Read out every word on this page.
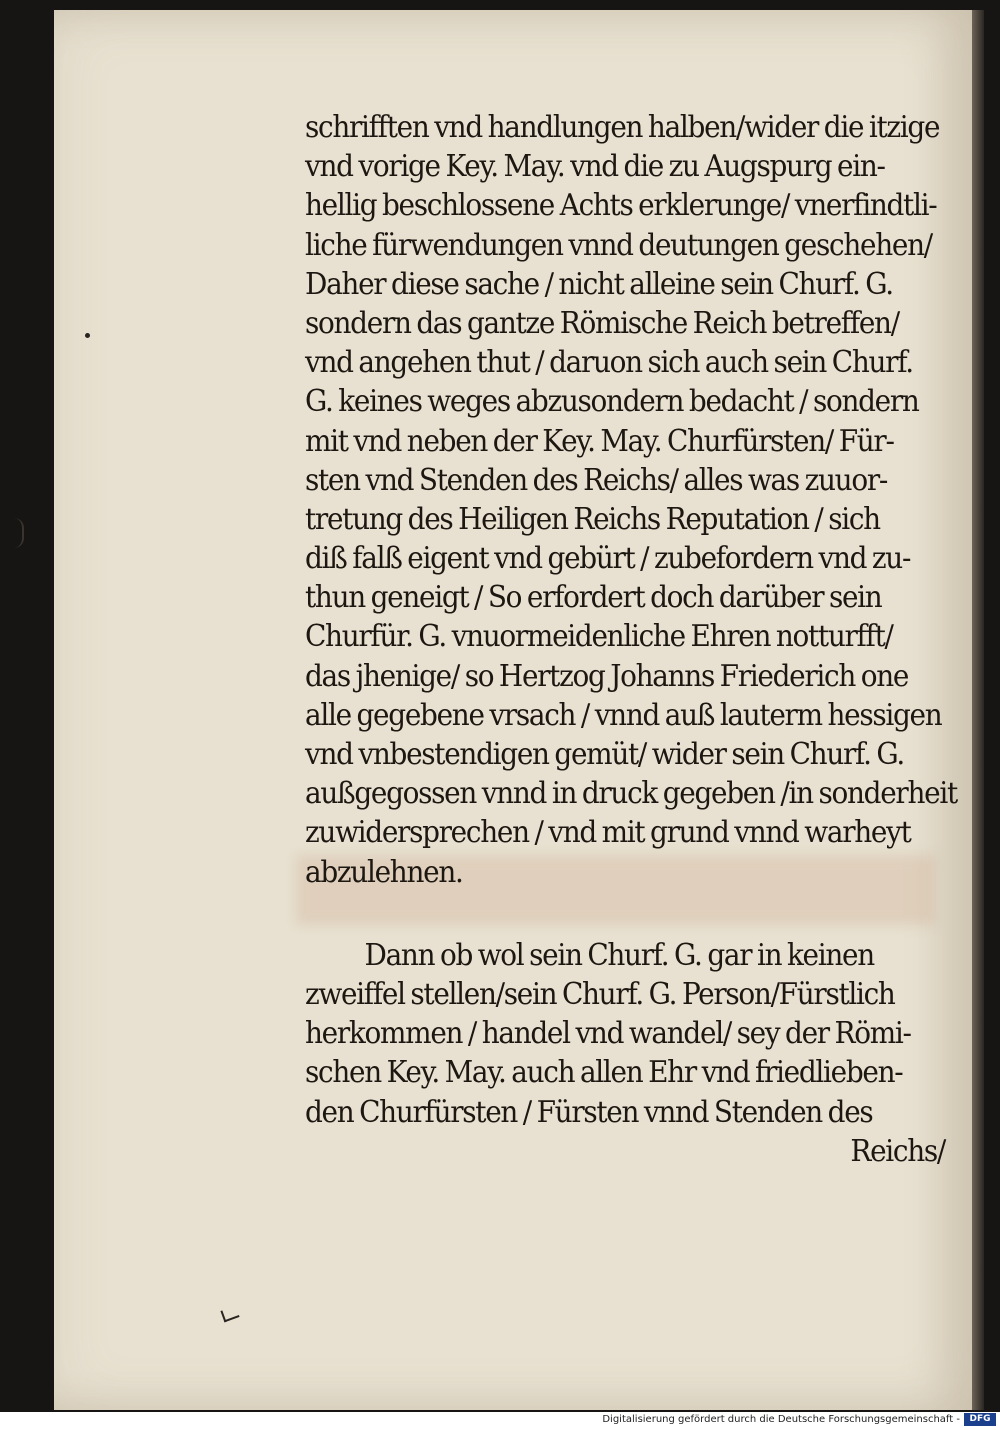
schrifften vnd handlungen halben/wider die itzige
vnd vorige Key. May. vnd die zu Augspurg ein-
hellig beschlossene Achts erklerunge/ vnerfindtli-
liche fürwendungen vnnd deutungen geschehen/
Daher diese sache / nicht alleine sein Churf. G.
sondern das gantze Römische Reich betreffen/
vnd angehen thut / daruon sich auch sein Churf.
G. keines weges abzusondern bedacht / sondern
mit vnd neben der Key. May. Churfürsten/ Für-
sten vnd Stenden des Reichs/ alles was zuuor-
tretung des Heiligen Reichs Reputation / sich
diß falß eigent vnd gebürt / zubefordern vnd zu-
thun geneigt / So erfordert doch darüber sein
Churfür. G. vnuormeidenliche Ehren notturfft/
das jhenige/ so Hertzog Johanns Friederich one
alle gegebene vrsach / vnnd auß lauterm hessigen
vnd vnbestendigen gemüt/ wider sein Churf. G.
außgegossen vnnd in druck gegeben /in sonderheit
zuwidersprechen / vnd mit grund vnnd warheyt
abzulehnen.
Dann ob wol sein Churf. G. gar in keinen
zweiffel stellen/sein Churf. G. Person/Fürstlich
herkommen / handel vnd wandel/ sey der Römi-
schen Key. May. auch allen Ehr vnd friedlieben-
den Churfürsten / Fürsten vnnd Stenden des
Reichs/
Digitalisierung gefördert durch die Deutsche Forschungsgemeinschaft -	DFG
